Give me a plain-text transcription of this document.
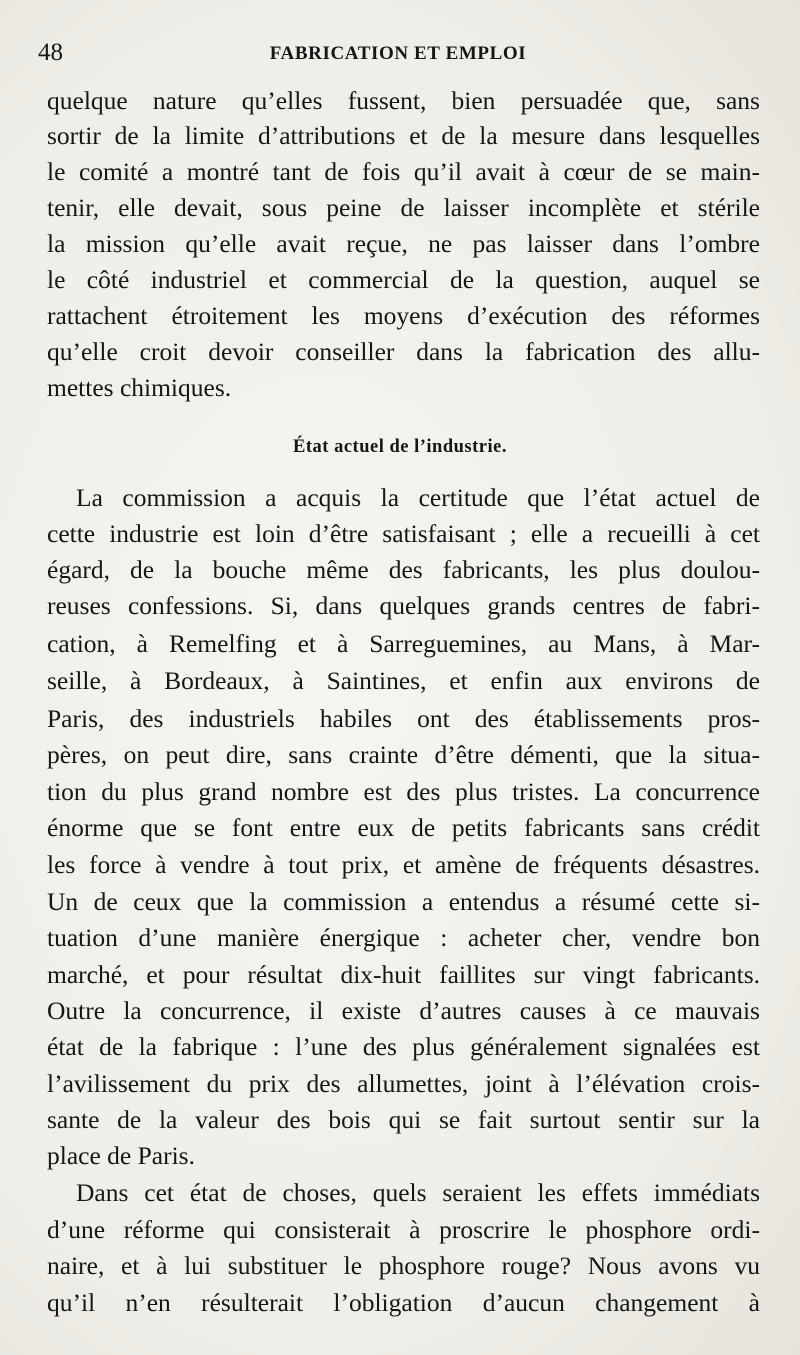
48	FABRICATION ET EMPLOI
quelque nature qu’elles fussent, bien persuadée que, sans
sortir de la limite d’attributions et de la mesure dans lesquelles
le comité a montré tant de fois qu’il avait à cœur de se main-
tenir, elle devait, sous peine de laisser incomplète et stérile
la mission qu’elle avait reçue, ne pas laisser dans l’ombre
le côté industriel et commercial de la question, auquel se
rattachent étroitement les moyens d’exécution des réformes
qu’elle croit devoir conseiller dans la fabrication des allu-
mettes chimiques.
État actuel de l’industrie.
La commission a acquis la certitude que l’état actuel de
cette industrie est loin d’être satisfaisant ; elle a recueilli à cet
égard, de la bouche même des fabricants, les plus doulou-
reuses confessions. Si, dans quelques grands centres de fabri-
cation, à Remelfing et à Sarreguemines, au Mans, à Mar-
seille, à Bordeaux, à Saintines, et enfin aux environs de
Paris, des industriels habiles ont des établissements pros-
pères, on peut dire, sans crainte d’être démenti, que la situa-
tion du plus grand nombre est des plus tristes. La concurrence
énorme que se font entre eux de petits fabricants sans crédit
les force à vendre à tout prix, et amène de fréquents désastres.
Un de ceux que la commission a entendus a résumé cette si-
tuation d’une manière énergique : acheter cher, vendre bon
marché, et pour résultat dix-huit faillites sur vingt fabricants.
Outre la concurrence, il existe d’autres causes à ce mauvais
état de la fabrique : l’une des plus généralement signalées est
l’avilissement du prix des allumettes, joint à l’élévation crois-
sante de la valeur des bois qui se fait surtout sentir sur la
place de Paris.
Dans cet état de choses, quels seraient les effets immédiats
d’une réforme qui consisterait à proscrire le phosphore ordi-
naire, et à lui substituer le phosphore rouge? Nous avons vu
qu’il n’en résulterait l’obligation d’aucun changement à
